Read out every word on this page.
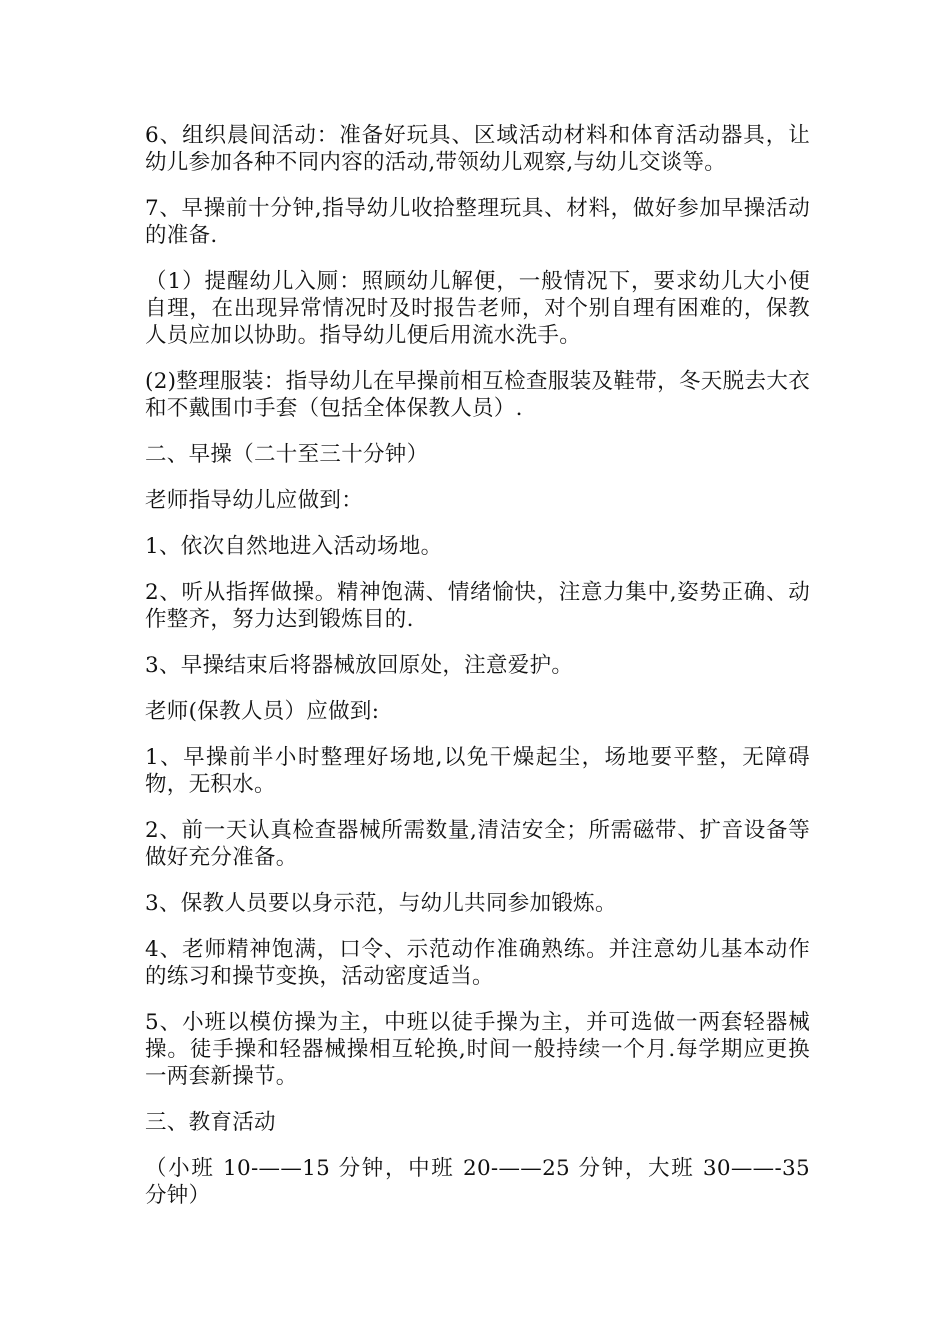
6、组织晨间活动：准备好玩具、区域活动材料和体育活动器具，让幼儿参加各种不同内容的活动,带领幼儿观察,与幼儿交谈等。

7、早操前十分钟,指导幼儿收拾整理玩具、材料，做好参加早操活动的准备.

（1）提醒幼儿入厕：照顾幼儿解便，一般情况下，要求幼儿大小便自理，在出现异常情况时及时报告老师，对个别自理有困难的，保教人员应加以协助。指导幼儿便后用流水洗手。

(2)整理服装：指导幼儿在早操前相互检查服装及鞋带，冬天脱去大衣和不戴围巾手套（包括全体保教人员）.

二、早操（二十至三十分钟）

老师指导幼儿应做到：

1、依次自然地进入活动场地。

2、听从指挥做操。精神饱满、情绪愉快，注意力集中,姿势正确、动作整齐，努力达到锻炼目的.

3、早操结束后将器械放回原处，注意爱护。

老师(保教人员）应做到:

1、早操前半小时整理好场地,以免干燥起尘，场地要平整，无障碍物，无积水。

2、前一天认真检查器械所需数量,清洁安全；所需磁带、扩音设备等做好充分准备。

3、保教人员要以身示范，与幼儿共同参加锻炼。

4、老师精神饱满，口令、示范动作准确熟练。并注意幼儿基本动作的练习和操节变换，活动密度适当。

5、小班以模仿操为主，中班以徒手操为主，并可选做一两套轻器械操。徒手操和轻器械操相互轮换,时间一般持续一个月.每学期应更换一两套新操节。

三、教育活动

（小班 10-——15 分钟，中班 20-——25 分钟，大班 30——-35 分钟）
